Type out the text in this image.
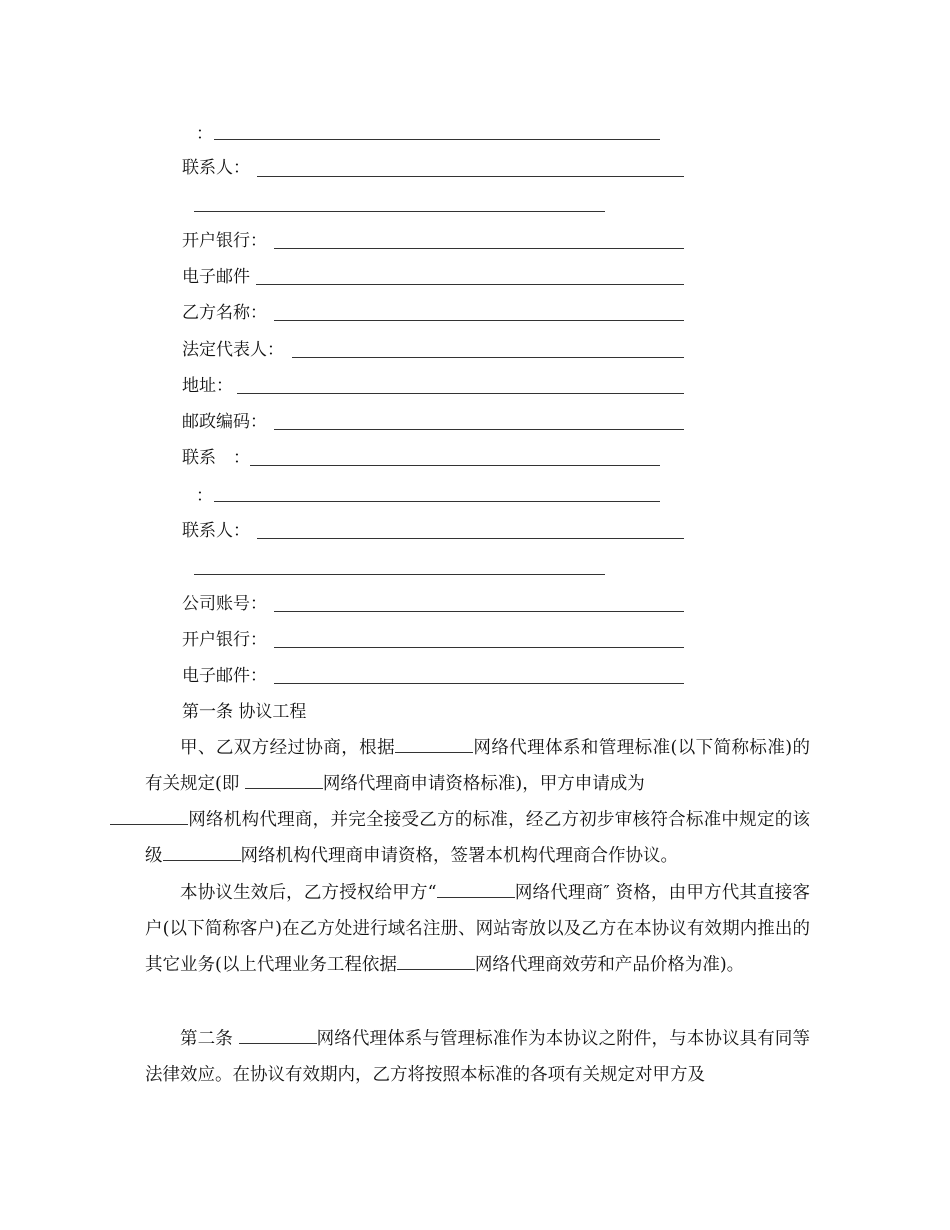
：
联系人：
开户银行：
电子邮件
乙方名称：
法定代表人：
地址：
邮政编码：
联系　：
：
联系人：
公司账号：
开户银行：
电子邮件：
第一条 协议工程
甲、乙双方经过协商，根据	网络代理体系和管理标准(以下简称标准)的有关规定(即	网络代理商申请资格标准)，甲方申请成为
网络机构代理商，并完全接受乙方的标准，经乙方初步审核符合标准中规定的该级	网络机构代理商申请资格，签署本机构代理商合作协议。
本协议生效后，乙方授权给甲方“	网络代理商″ 资格，由甲方代其直接客户(以下简称客户)在乙方处进行域名注册、网站寄放以及乙方在本协议有效期内推出的其它业务(以上代理业务工程依据	网络代理商效劳和产品价格为准)。
第二条	网络代理体系与管理标准作为本协议之附件，与本协议具有同等法律效应。在协议有效期内，乙方将按照本标准的各项有关规定对甲方及
